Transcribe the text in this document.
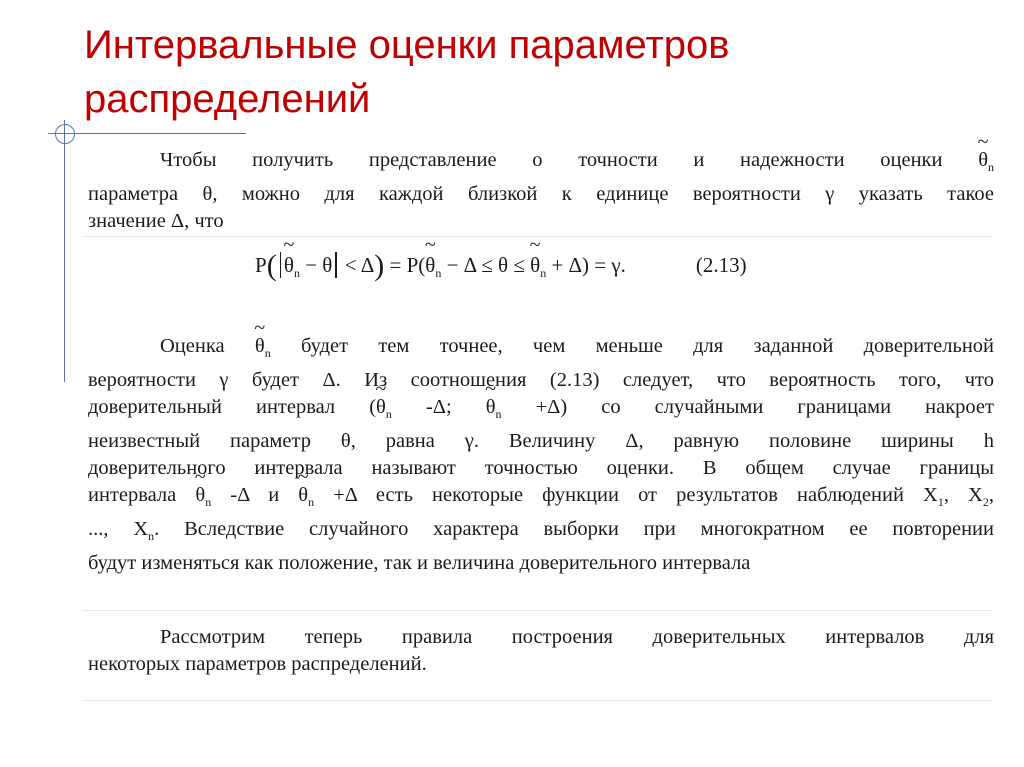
Интервальные оценки параметров
распределений
Чтобы получить представление о точности и надежности оценки ~ $\theta_n$
параметра θ, можно для каждой близкой к единице вероятности γ указать такое
значение Δ, что
P( ~ $\theta_n - \theta < \Delta$) = P(~ $\theta_n - \Delta \le \theta$ ≤ ~ $\theta_n + \Delta) = \gamma$.	(2.13)
Оценка ~ $\theta_n$ будет тем точнее, чем меньше для заданной доверительной
вероятности γ будет Δ. Из соотношения (2.13) следует, что вероятность того, что
доверительный интервал (~ $\theta_n$ -Δ; ~ $\theta_n +\Delta$) со случайными границами накроет
неизвестный параметр θ, равна γ. Величину Δ, равную половине ширины h
доверительного интервала называют точностью оценки. В общем случае границы
интервала ~ $\theta_n$ -Δ и ~ $\theta_n +\Delta$ есть некоторые функции от результатов наблюдений $X_1$, $X_2$,
..., $X_n$. Вследствие случайного характера выборки при многократном ее повторении
будут изменяться как положение, так и величина доверительного интервала
Рассмотрим теперь правила построения доверительных интервалов для
некоторых параметров распределений.
